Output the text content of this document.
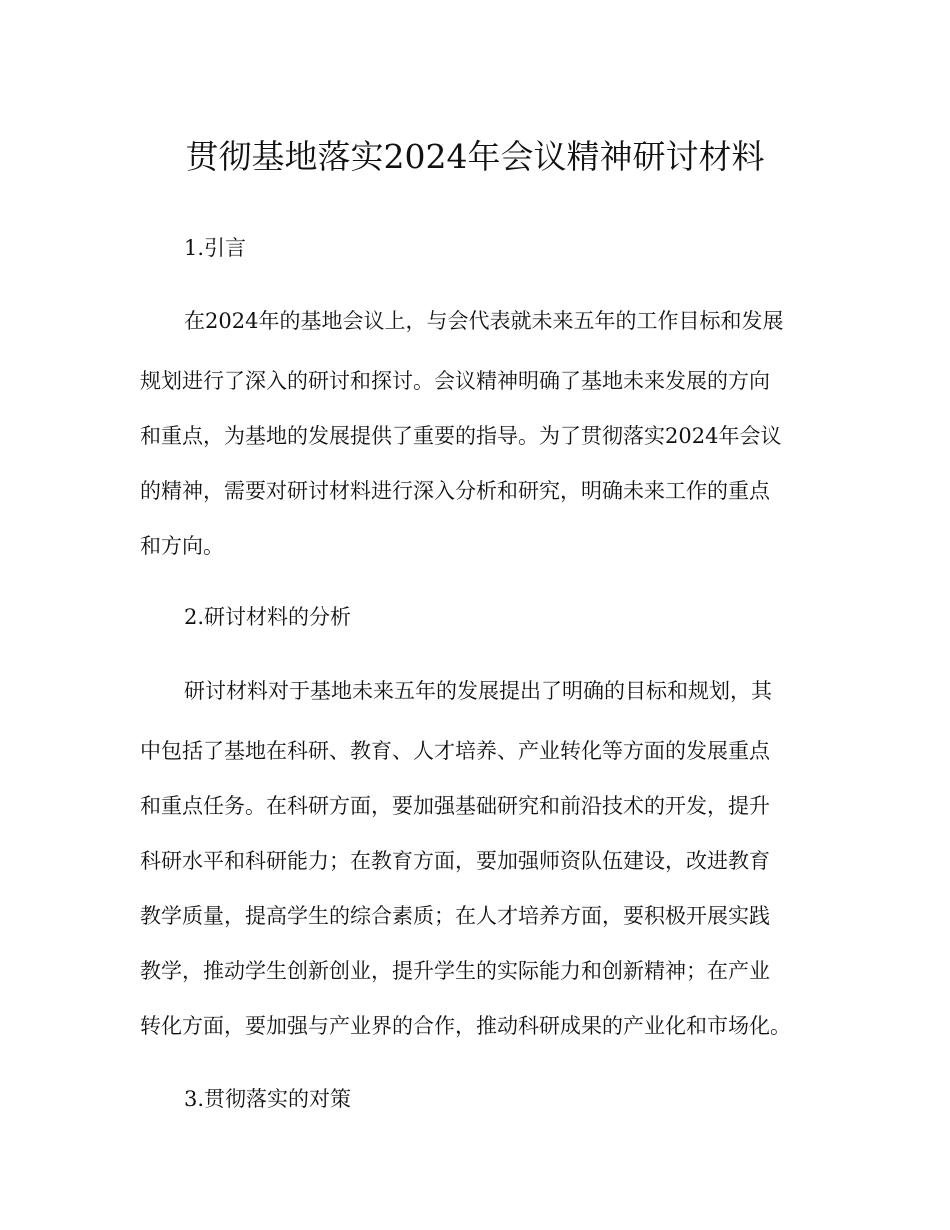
贯彻基地落实2024年会议精神研讨材料
1.引言
在2024年的基地会议上，与会代表就未来五年的工作目标和发展
规划进行了深入的研讨和探讨。会议精神明确了基地未来发展的方向
和重点，为基地的发展提供了重要的指导。为了贯彻落实2024年会议
的精神，需要对研讨材料进行深入分析和研究，明确未来工作的重点
和方向。
2.研讨材料的分析
研讨材料对于基地未来五年的发展提出了明确的目标和规划，其
中包括了基地在科研、教育、人才培养、产业转化等方面的发展重点
和重点任务。在科研方面，要加强基础研究和前沿技术的开发，提升
科研水平和科研能力；在教育方面，要加强师资队伍建设，改进教育
教学质量，提高学生的综合素质；在人才培养方面，要积极开展实践
教学，推动学生创新创业，提升学生的实际能力和创新精神；在产业
转化方面，要加强与产业界的合作，推动科研成果的产业化和市场化。
3.贯彻落实的对策
